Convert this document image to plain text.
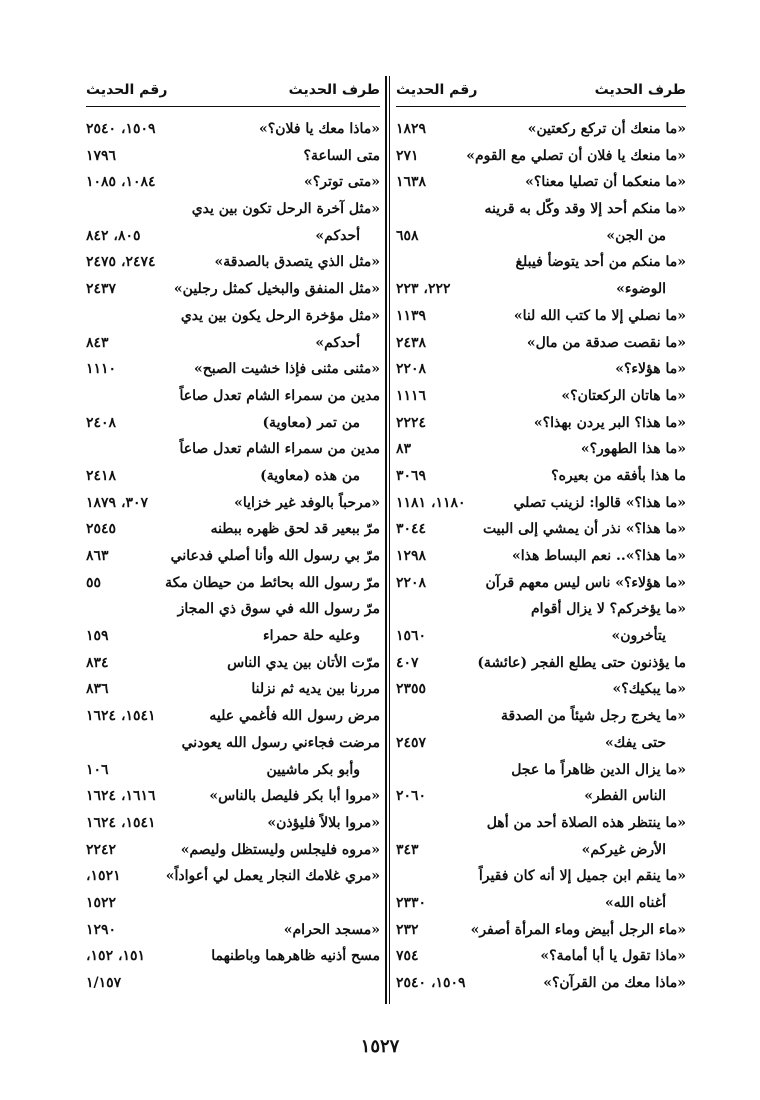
طرف الحديث
رقم الحديث
طرف الحديث
رقم الحديث
«ما منعك أن تركع ركعتين»
١٨٢٩
«ما منعك يا فلان أن تصلي مع القوم»
٢٧١
«ما منعكما أن تصليا معنا؟»
١٦٣٨
«ما منكم أحد إلا وقد وكّل به قرينه
من الجن»
٦٥٨
«ما منكم من أحد يتوضأ فيبلغ
الوضوء»
٢٢٢، ٢٢٣
«ما نصلي إلا ما كتب الله لنا»
١١٣٩
«ما نقصت صدقة من مال»
٢٤٣٨
«ما هؤلاء؟»
٢٢٠٨
«ما هاتان الركعتان؟»
١١١٦
«ما هذا؟ البر يردن بهذا؟»
٢٢٢٤
«ما هذا الطهور؟»
٨٣
ما هذا بأفقه من بعيره؟
٣٠٦٩
«ما هذا؟» قالوا: لزينب تصلي
١١٨٠، ١١٨١
«ما هذا؟» نذر أن يمشي إلى البيت
٣٠٤٤
«ما هذا؟».. نعم البساط هذا»
١٢٩٨
«ما هؤلاء؟» ناس ليس معهم قرآن
٢٢٠٨
«ما يؤخركم؟ لا يزال أقوام
يتأخرون»
١٥٦٠
ما يؤذنون حتى يطلع الفجر (عائشة)
٤٠٧
«ما يبكيك؟»
٢٣٥٥
«ما يخرج رجل شيئاً من الصدقة
حتى يفك»
٢٤٥٧
«ما يزال الدين ظاهراً ما عجل
الناس الفطر»
٢٠٦٠
«ما ينتظر هذه الصلاة أحد من أهل
الأرض غيركم»
٣٤٣
«ما ينقم ابن جميل إلا أنه كان فقيراً
أغناه الله»
٢٣٣٠
«ماء الرجل أبيض وماء المرأة أصفر»
٢٣٢
«ماذا تقول يا أبا أمامة؟»
٧٥٤
«ماذا معك من القرآن؟»
١٥٠٩، ٢٥٤٠
«ماذا معك يا فلان؟»
١٥٠٩، ٢٥٤٠
متى الساعة؟
١٧٩٦
«متى توتر؟»
١٠٨٤، ١٠٨٥
«مثل آخرة الرحل تكون بين يدي
أحدكم»
٨٠٥، ٨٤٢
«مثل الذي يتصدق بالصدقة»
٢٤٧٤، ٢٤٧٥
«مثل المنفق والبخيل كمثل رجلين»
٢٤٣٧
«مثل مؤخرة الرحل يكون بين يدي
أحدكم»
٨٤٣
«مثنى مثنى فإذا خشيت الصبح»
١١١٠
مدين من سمراء الشام تعدل صاعاً
من تمر (معاوية)
٢٤٠٨
مدين من سمراء الشام تعدل صاعاً
من هذه (معاوية)
٢٤١٨
«مرحباً بالوفد غير خزايا»
٣٠٧، ١٨٧٩
مرّ ببعير قد لحق ظهره ببطنه
٢٥٤٥
مرّ بي رسول الله وأنا أصلي فدعاني
٨٦٣
مرّ رسول الله بحائط من حيطان مكة
٥٥
مرّ رسول الله في سوق ذي المجاز
وعليه حلة حمراء
١٥٩
مرّت الأتان بين يدي الناس
٨٣٤
مررنا بين يديه ثم نزلنا
٨٣٦
مرض رسول الله فأغمي عليه
١٥٤١، ١٦٢٤
مرضت فجاءني رسول الله يعودني
وأبو بكر ماشيين
١٠٦
«مروا أبا بكر فليصل بالناس»
١٦١٦، ١٦٢٤
«مروا بلالاً فليؤذن»
١٥٤١، ١٦٢٤
«مروه فليجلس وليستظل وليصم»
٢٢٤٢
«مري غلامك النجار يعمل لي أعواداً»
١٥٢١،
١٥٢٢
«مسجد الحرام»
١٢٩٠
مسح أذنيه ظاهرهما وباطنهما
١٥١، ١٥٢،
١/١٥٧
١٥٢٧
